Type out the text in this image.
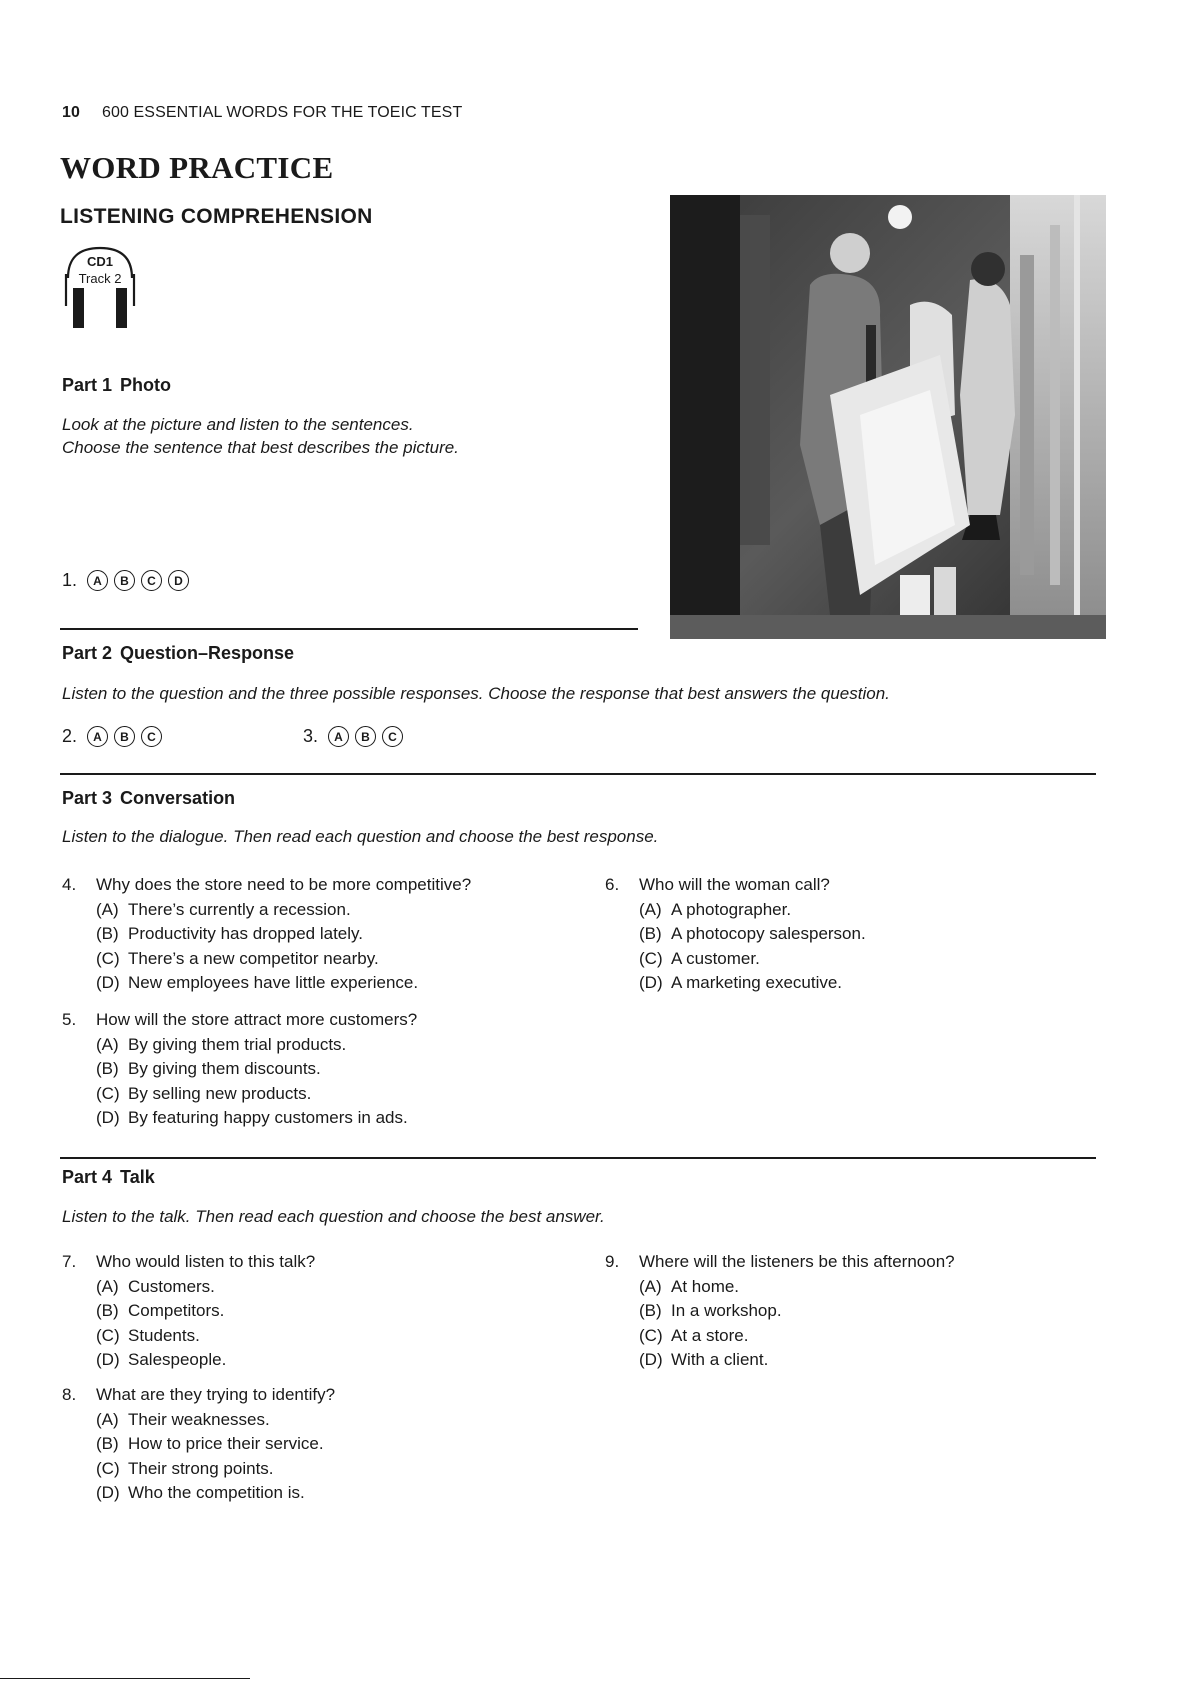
10 600 ESSENTIAL WORDS FOR THE TOEIC TEST
WORD PRACTICE
LISTENING COMPREHENSION
CD1
Track 2
Part 1 Photo
Look at the picture and listen to the sentences.
Choose the sentence that best describes the picture.
1.	A	B	C	D
Part 2 Question–Response
Listen to the question and the three possible responses. Choose the response that best answers the question.
2.	A	B	C	3.	A	B	C
Part 3 Conversation
Listen to the dialogue. Then read each question and choose the best response.
4. Why does the store need to be more competitive?
(A) There’s currently a recession.
(B) Productivity has dropped lately.
(C) There’s a new competitor nearby.
(D) New employees have little experience.
5. How will the store attract more customers?
(A) By giving them trial products.
(B) By giving them discounts.
(C) By selling new products.
(D) By featuring happy customers in ads.
6. Who will the woman call?
(A) A photographer.
(B) A photocopy salesperson.
(C) A customer.
(D) A marketing executive.
Part 4 Talk
Listen to the talk. Then read each question and choose the best answer.
7. Who would listen to this talk?
(A) Customers.
(B) Competitors.
(C) Students.
(D) Salespeople.
8. What are they trying to identify?
(A) Their weaknesses.
(B) How to price their service.
(C) Their strong points.
(D) Who the competition is.
9. Where will the listeners be this afternoon?
(A) At home.
(B) In a workshop.
(C) At a store.
(D) With a client.
